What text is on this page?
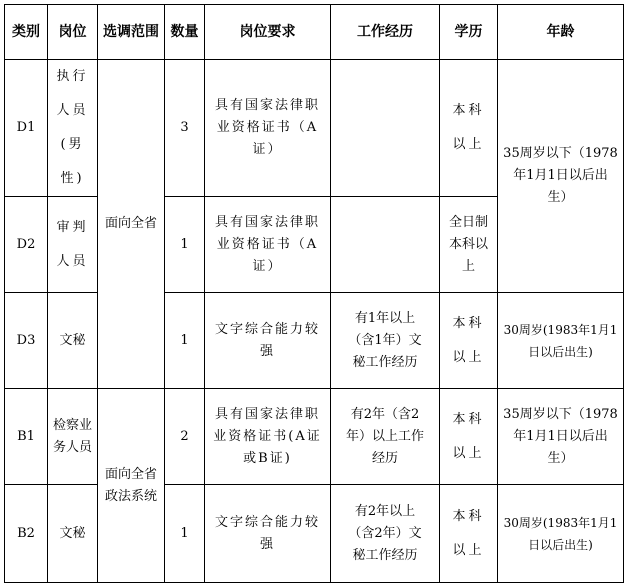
类别	岗位	选调范围	数量	岗位要求	工作经历	学历	年龄

D1	执行
人员
(男性)	面向全省	3	具有国家法律职
业资格证书（A
证）		本科
以上	35周岁以下（1978
年1月1日以后出
生）

D2	审判
人员		1	具有国家法律职
业资格证书（A
证）		全日制
本科以
上	

D3	文秘		1	文字综合能力较
强	有1年以上
（含1年）文
秘工作经历	本科
以上	30周岁(1983年1月1
日以后出生)

B1	检察业
务人员	面向全省
政法系统	2	具有国家法律职
业资格证书(A证
或B证)	有2年（含2
年）以上工作
经历	本科
以上	35周岁以下（1978
年1月1日以后出
生）

B2	文秘		1	文字综合能力较
强	有2年以上
（含2年）文
秘工作经历	本科
以上	30周岁(1983年1月1
日以后出生)
